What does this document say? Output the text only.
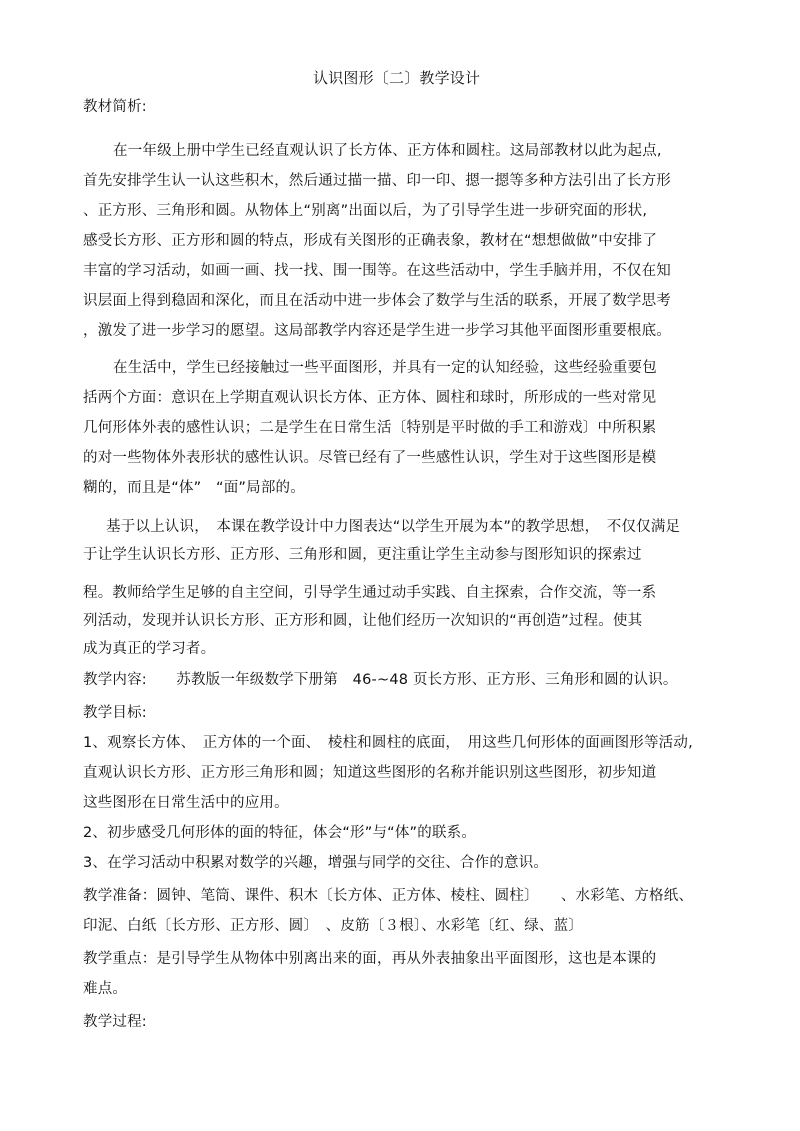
认识图形〔二〕教学设计
教材简析:
在一年级上册中学生已经直观认识了长方体、正方体和圆柱。这局部教材以此为起点,
首先安排学生认一认这些积木，然后通过描一描、印一印、摁一摁等多种方法引出了长方形
、正方形、三角形和圆。从物体上“别离”出面以后，为了引导学生进一步研究面的形状,
感受长方形、正方形和圆的特点，形成有关图形的正确表象，教材在“想想做做”中安排了
丰富的学习活动，如画一画、找一找、围一围等。在这些活动中，学生手脑并用，不仅在知
识层面上得到稳固和深化，而且在活动中进一步体会了数学与生活的联系，开展了数学思考
，激发了进一步学习的愿望。这局部教学内容还是学生进一步学习其他平面图形重要根底。
在生活中，学生已经接触过一些平面图形，并具有一定的认知经验，这些经验重要包
括两个方面：意识在上学期直观认识长方体、正方体、圆柱和球时，所形成的一些对常见
几何形体外表的感性认识；二是学生在日常生活〔特别是平时做的手工和游戏〕中所积累
的对一些物体外表形状的感性认识。尽管已经有了一些感性认识，学生对于这些图形是模
糊的，而且是“体”　“面”局部的。
基于以上认识，　本课在教学设计中力图表达“以学生开展为本”的教学思想，　不仅仅满足
于让学生认识长方形、正方形、三角形和圆，更注重让学生主动参与图形知识的探索过
程。教师给学生足够的自主空间，引导学生通过动手实践、自主探索，合作交流，等一系
列活动，发现并认识长方形、正方形和圆，让他们经历一次知识的“再创造”过程。使其
成为真正的学习者。
教学内容:　　苏教版一年级数学下册第　46-~48 页长方形、正方形、三角形和圆的认识。
教学目标:
1、观察长方体、　正方体的一个面、　棱柱和圆柱的底面，　用这些几何形体的面画图形等活动,
直观认识长方形、正方形三角形和圆；知道这些图形的名称并能识别这些图形，初步知道
这些图形在日常生活中的应用。
2、初步感受几何形体的面的特征，体会“形”与“体”的联系。
3、在学习活动中积累对数学的兴趣，增强与同学的交往、合作的意识。
教学准备：圆钟、笔筒、课件、积木〔长方体、正方体、棱柱、圆柱〕　　、水彩笔、方格纸、
印泥、白纸〔长方形、正方形、圆〕　、皮筋〔３根〕、水彩笔〔红、绿、蓝〕
教学重点：是引导学生从物体中别离出来的面，再从外表抽象出平面图形，这也是本课的
难点。
教学过程:
